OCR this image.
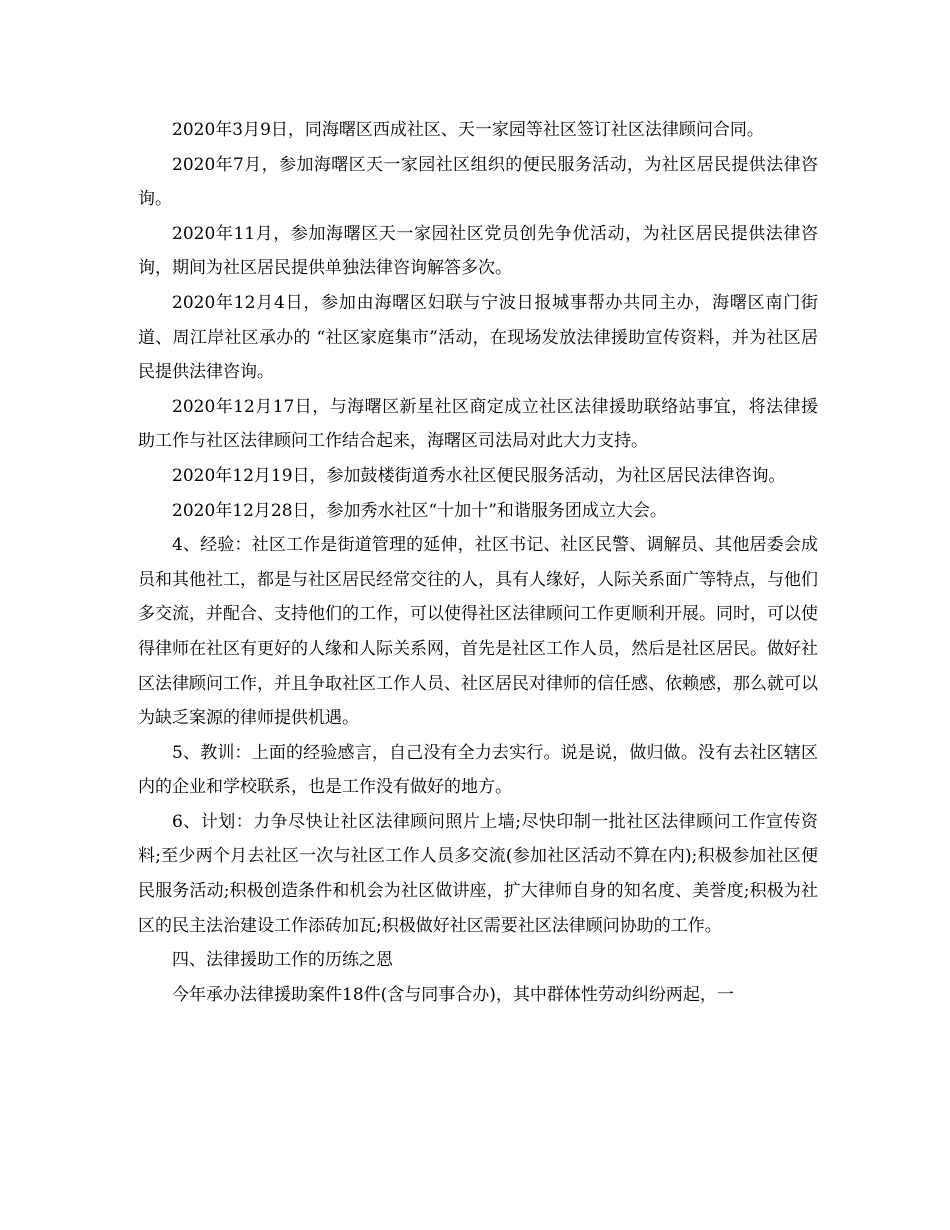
2020年3月9日，同海曙区西成社区、天一家园等社区签订社区法律顾问合同。

2020年7月，参加海曙区天一家园社区组织的便民服务活动，为社区居民提供法律咨询。

2020年11月，参加海曙区天一家园社区党员创先争优活动，为社区居民提供法律咨询，期间为社区居民提供单独法律咨询解答多次。

2020年12月4日，参加由海曙区妇联与宁波日报城事帮办共同主办，海曙区南门街道、周江岸社区承办的 “社区家庭集市”活动，在现场发放法律援助宣传资料，并为社区居民提供法律咨询。

2020年12月17日，与海曙区新星社区商定成立社区法律援助联络站事宜，将法律援助工作与社区法律顾问工作结合起来，海曙区司法局对此大力支持。

2020年12月19日，参加鼓楼街道秀水社区便民服务活动，为社区居民法律咨询。

2020年12月28日，参加秀水社区“十加十”和谐服务团成立大会。

4、经验：社区工作是街道管理的延伸，社区书记、社区民警、调解员、其他居委会成员和其他社工，都是与社区居民经常交往的人，具有人缘好，人际关系面广等特点，与他们多交流，并配合、支持他们的工作，可以使得社区法律顾问工作更顺利开展。同时，可以使得律师在社区有更好的人缘和人际关系网，首先是社区工作人员，然后是社区居民。做好社区法律顾问工作，并且争取社区工作人员、社区居民对律师的信任感、依赖感，那么就可以为缺乏案源的律师提供机遇。

5、教训：上面的经验感言，自己没有全力去实行。说是说，做归做。没有去社区辖区内的企业和学校联系，也是工作没有做好的地方。

6、计划：力争尽快让社区法律顾问照片上墙;尽快印制一批社区法律顾问工作宣传资料;至少两个月去社区一次与社区工作人员多交流(参加社区活动不算在内);积极参加社区便民服务活动;积极创造条件和机会为社区做讲座，扩大律师自身的知名度、美誉度;积极为社区的民主法治建设工作添砖加瓦;积极做好社区需要社区法律顾问协助的工作。

四、法律援助工作的历练之恩

今年承办法律援助案件18件(含与同事合办)，其中群体性劳动纠纷两起，一
